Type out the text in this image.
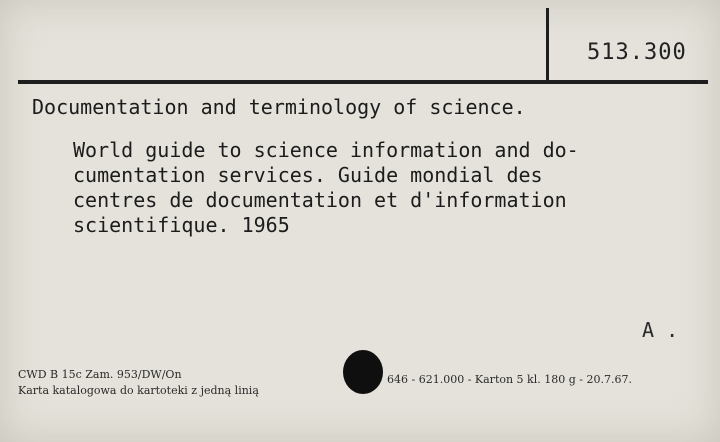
513.300
Documentation and terminology of science.
World guide to science information and do-
cumentation services. Guide mondial des
centres de documentation et d'information
scientifique. 1965
A .
CWD B 15c Zam. 953/DW/On
Karta katalogowa do kartoteki z jedną linią
646 - 621.000 - Karton 5 kl. 180 g - 20.7.67.
